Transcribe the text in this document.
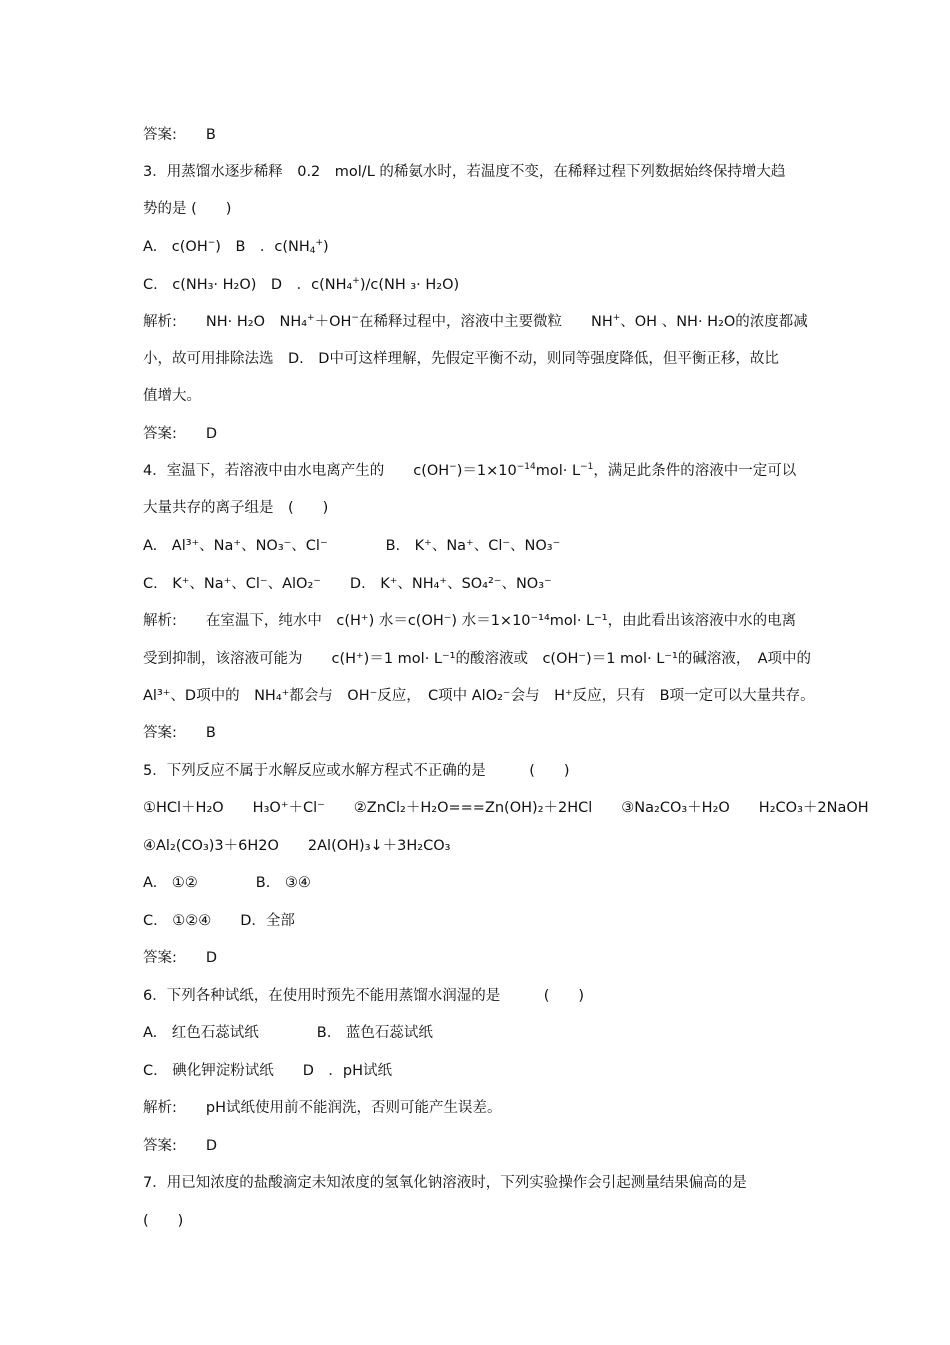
答案:　　B
3．用蒸馏水逐步稀释　0.2　mol/L 的稀氨水时，若温度不变，在稀释过程下列数据始终保持增大趋
势的是 (　　)
A.　c(OH−)　B　．$c(NH_4^+)$
C.　c(NH₃· H₂O)　D　．c(NH₄+)/c(NH ₃· H₂O)
解析:　　NH· H₂O　NH₄+＋OH−在稀释过程中，溶液中主要微粒　　NH+、OH 、NH· H₂O的浓度都减
小，故可用排除法选　D.　D中可这样理解，先假定平衡不动，则同等强度降低，但平衡正移，故比
值增大。
答案:　　D
4．室温下，若溶液中由水电离产生的　　$c(OH^-)=1\times 10^{-14}mol\cdot L^{-1}$，满足此条件的溶液中一定可以
大量共存的离子组是　(　　)
A.　Al³⁺、Na⁺、NO₃⁻、Cl⁻　　　　B.　K⁺、Na⁺、Cl⁻、NO₃⁻
C.　K⁺、Na⁺、Cl⁻、AlO₂⁻　　D.　K⁺、NH₄⁺、SO₄²⁻、NO₃⁻
解析:　　在室温下，纯水中　c(H⁺) 水＝c(OH⁻) 水＝1×10⁻¹⁴mol· L⁻¹，由此看出该溶液中水的电离
受到抑制，该溶液可能为　　c(H⁺)＝1 mol· L⁻¹的酸溶液或　c(OH⁻)＝1 mol· L⁻¹的碱溶液，　A项中的
Al³⁺、D项中的　NH₄⁺都会与　OH⁻反应，　C项中 AlO₂⁻会与　H⁺反应，只有　B项一定可以大量共存。
答案:　　B
5．下列反应不属于水解反应或水解方程式不正确的是　　　(　　)
①HCl＋H₂O　　H₃O⁺＋Cl⁻　　②ZnCl₂＋H₂O===Zn(OH)₂＋2HCl　　③Na₂CO₃＋H₂O　　H₂CO₃＋2NaOH
④Al₂(CO₃)3＋6H2O　　2Al(OH)₃↓＋3H₂CO₃
A.　①②　　　　B.　③④
C.　①②④　　D．全部
答案:　　D
6．下列各种试纸，在使用时预先不能用蒸馏水润湿的是　　　(　　)
A.　红色石蕊试纸　　　　B.　蓝色石蕊试纸
C.　碘化钾淀粉试纸　　D　．pH试纸
解析:　　pH试纸使用前不能润洗，否则可能产生误差。
答案:　　D
7．用已知浓度的盐酸滴定未知浓度的氢氧化钠溶液时，下列实验操作会引起测量结果偏高的是
(　　)
